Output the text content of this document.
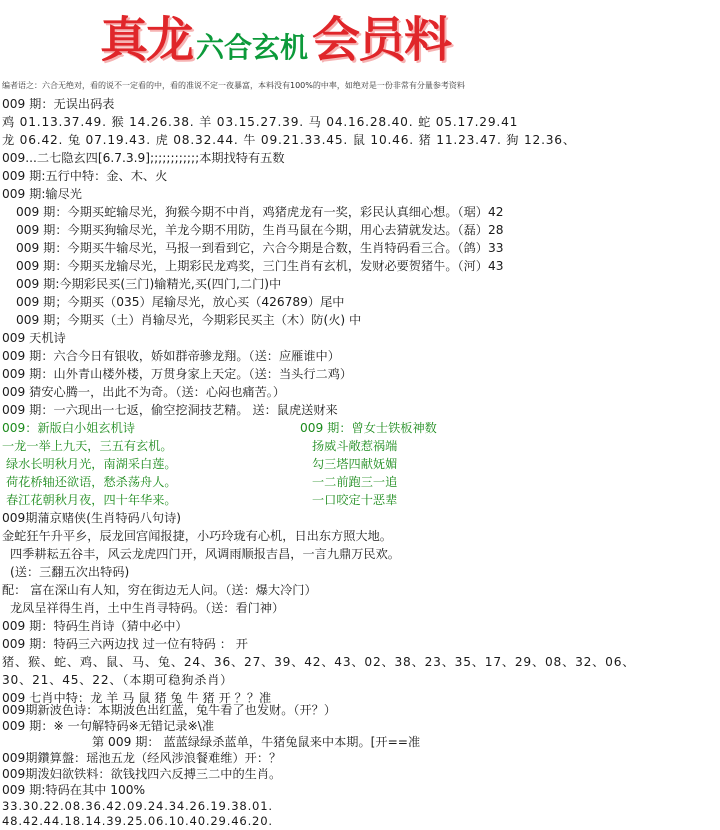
真龙 六合玄机 会员料
编者语之：六合无绝对，看的说不一定看的中，看的准说不定一夜暴富，本料没有100%的中率，如绝对是一份非常有分量参考资料
009 期：无误出码表
鸡 01.13.37.49. 猴 14.26.38. 羊 03.15.27.39. 马 04.16.28.40. 蛇 05.17.29.41
龙 06.42. 兔 07.19.43. 虎 08.32.44. 牛 09.21.33.45. 鼠 10.46. 猪 11.23.47. 狗 12.36、
009...二七隐玄四[6.7.3.9];;;;;;;;;;;;本期找特有五数
009 期:五行中特：金、木、火
009 期:输尽光
009 期：今期买蛇输尽光，狗猴今期不中肖，鸡猪虎龙有一奖，彩民认真细心想。（琚）42
009 期：今期买狗输尽光，羊龙今期不用防，生肖马鼠在今期，用心去猜就发达。（磊）28
009 期：今期买牛输尽光，马报一到看到它，六合今期是合数，生肖特码看三合。（鸽）33
009 期：今期买龙输尽光，上期彩民龙鸡奖，三门生肖有玄机，发财必要贺猪牛。（河）43
009 期:今期彩民买(三门)输精光,买(四门,二门)中
009 期；今期买（035）尾输尽光，放心买（426789）尾中
009 期；今期买（土）肖输尽光，今期彩民买主（木）防(火) 中
009 天机诗
009 期：六合今日有银收，娇如群帝骖龙翔。（送：应雁谁中）
009 期：山外青山楼外楼，万贯身家上天定。（送：当头行二鸡）
009 猜安心腾一，出此不为奇。（送：心闷也痛苦。）
009 期：一六现出一七返，偷空挖洞技艺精。 送：鼠虎送财来
009：新版白小姐玄机诗
一龙一举上九天，三五有玄机。
绿水长明秋月光，南湖采白莲。
荷花桥轴还欲语，愁杀荡舟人。
春江花朝秋月夜，四十年华来。
009期蒲京赌侠(生肖特码八句诗)
金蛇狂午升平乡，辰龙回宫闻报捷，小巧玲珑有心机，日出东方照大地。
四季耕耘五谷丰，风云龙虎四门开，风调雨顺报吉昌，一言九鼎万民欢。
(送：三翻五次出特码)
配： 富在深山有人知，穷在街边无人问。（送：爆大冷门）
龙凤呈祥得生肖，土中生肖寻特码。（送：看门神）
009 期：特码生肖诗（猜中必中）
009 期：特码三六两边找 过一位有特码 ： 开
猪、猴、蛇、鸡、鼠、马、兔、24、36、27、39、42、43、02、38、23、35、17、29、08、32、06、
30、21、45、22、（本期可稳狗杀肖）
009 七肖中特：龙 羊 马 鼠 猪 兔 牛 猪 开 ？？准
009期新波色诗：本期波色出红蓝，兔牛看了也发财。（开？）
009 期：※ 一句解特码※无错记录※\准
第 009 期： 蓝蓝绿绿杀蓝单，牛猪兔鼠来中本期。[开==准
009期鑽算盤：瑶池五龙（经风涉浪餐难维）开：？
009期泼妇欲铁料：欲钱找四六反搏三二中的生肖。
009 期:特码在其中 100%
33.30.22.08.36.42.09.24.34.26.19.38.01.
009 期：曾女士铁板神数
扬威斗敞惹祸端
勾三塔四献妩媚
一二前跑三一追
一口咬定十恶辈
48.42.44.18.14.39.25.06.10.40.29.46.20.
